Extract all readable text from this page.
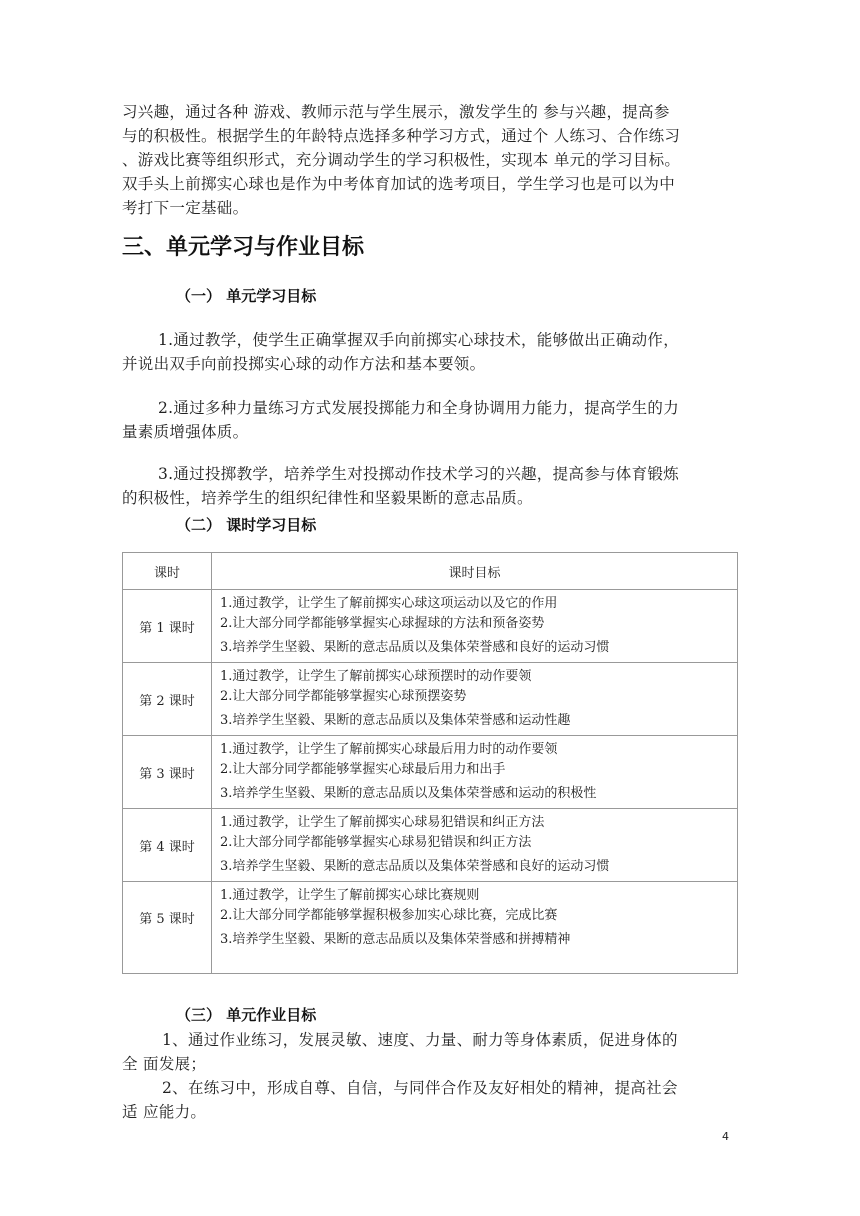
习兴趣，通过各种 游戏、教师示范与学生展示，激发学生的 参与兴趣，提高参

与的积极性。根据学生的年龄特点选择多种学习方式，通过个 人练习、合作练习

、游戏比赛等组织形式，充分调动学生的学习积极性，实现本 单元的学习目标。

双手头上前掷实心球也是作为中考体育加试的选考项目，学生学习也是可以为中

考打下一定基础。

三、单元学习与作业目标
（一） 单元学习目标
1.通过教学，使学生正确掌握双手向前掷实心球技术，能够做出正确动作，
并说出双手向前投掷实心球的动作方法和基本要领。
2.通过多种力量练习方式发展投掷能力和全身协调用力能力，提高学生的力
量素质增强体质。
3.通过投掷教学，培养学生对投掷动作技术学习的兴趣，提高参与体育锻炼
的积极性，培养学生的组织纪律性和坚毅果断的意志品质。
（二） 课时学习目标
课时	课时目标
第 1 课时	1.通过教学，让学生了解前掷实心球这项运动以及它的作用
2.让大部分同学都能够掌握实心球握球的方法和预备姿势
3.培养学生坚毅、果断的意志品质以及集体荣誉感和良好的运动习惯

第 2 课时	1.通过教学，让学生了解前掷实心球预摆时的动作要领
2.让大部分同学都能够掌握实心球预摆姿势
3.培养学生坚毅、果断的意志品质以及集体荣誉感和运动性趣

第 3 课时	1.通过教学，让学生了解前掷实心球最后用力时的动作要领
2.让大部分同学都能够掌握实心球最后用力和出手
3.培养学生坚毅、果断的意志品质以及集体荣誉感和运动的积极性

第 4 课时	1.通过教学，让学生了解前掷实心球易犯错误和纠正方法
2.让大部分同学都能够掌握实心球易犯错误和纠正方法
3.培养学生坚毅、果断的意志品质以及集体荣誉感和良好的运动习惯

第 5 课时	1.通过教学，让学生了解前掷实心球比赛规则
2.让大部分同学都能够掌握积极参加实心球比赛，完成比赛
3.培养学生坚毅、果断的意志品质以及集体荣誉感和拼搏精神
（三） 单元作业目标
1、通过作业练习，发展灵敏、速度、力量、耐力等身体素质，促进身体的
全 面发展；
2、在练习中，形成自尊、自信，与同伴合作及友好相处的精神，提高社会
适 应能力。
4
